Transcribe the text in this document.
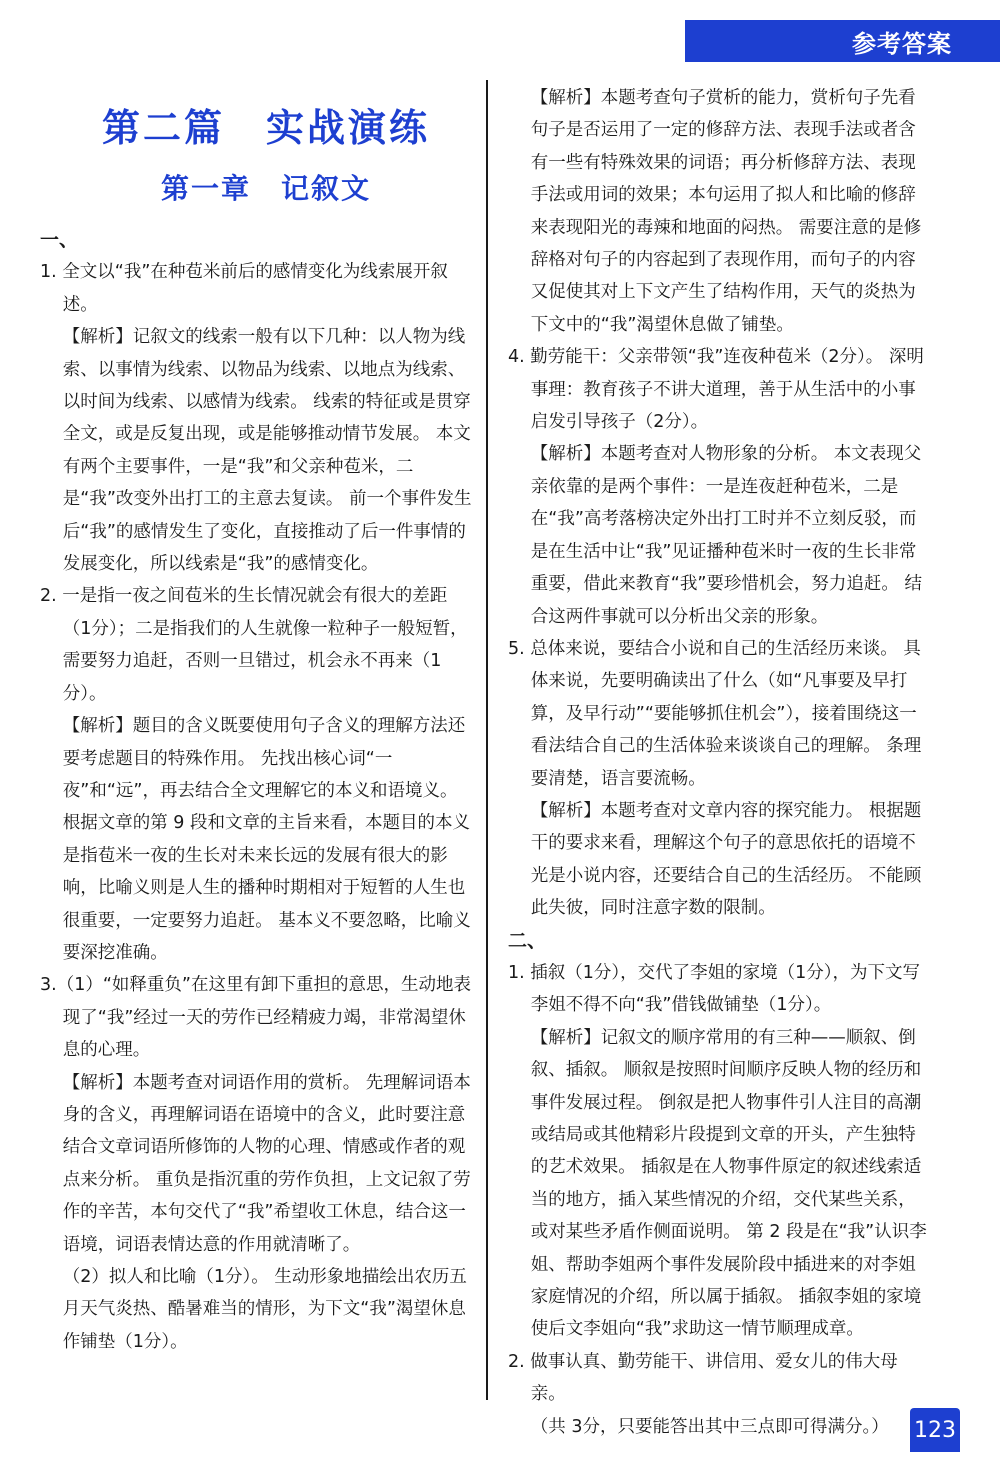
参考答案
第二篇　实战演练
第一章　记叙文
一、
1. 全文以“我”在种苞米前后的感情变化为线索展开叙述。
【解析】记叙文的线索一般有以下几种：以人物为线索、以事情为线索、以物品为线索、以地点为线索、以时间为线索、以感情为线索。 线索的特征或是贯穿全文，或是反复出现，或是能够推动情节发展。 本文有两个主要事件，一是“我”和父亲种苞米，二是“我”改变外出打工的主意去复读。 前一个事件发生后“我”的感情发生了变化，直接推动了后一件事情的发展变化，所以线索是“我”的感情变化。
2. 一是指一夜之间苞米的生长情况就会有很大的差距（1分）；二是指我们的人生就像一粒种子一般短暂，需要努力追赶，否则一旦错过，机会永不再来（1分）。
【解析】题目的含义既要使用句子含义的理解方法还要考虑题目的特殊作用。 先找出核心词“一夜”和“远”，再去结合全文理解它的本义和语境义。 根据文章的第 9 段和文章的主旨来看，本题目的本义是指苞米一夜的生长对未来长远的发展有很大的影响，比喻义则是人生的播种时期相对于短暂的人生也很重要，一定要努力追赶。 基本义不要忽略，比喻义要深挖准确。
3.（1）“如释重负”在这里有卸下重担的意思，生动地表现了“我”经过一天的劳作已经精疲力竭，非常渴望休息的心理。
【解析】本题考查对词语作用的赏析。 先理解词语本身的含义，再理解词语在语境中的含义，此时要注意结合文章词语所修饰的人物的心理、情感或作者的观点来分析。 重负是指沉重的劳作负担，上文记叙了劳作的辛苦，本句交代了“我”希望收工休息，结合这一语境，词语表情达意的作用就清晰了。
（2）拟人和比喻（1分）。 生动形象地描绘出农历五月天气炎热、酷暑难当的情形，为下文“我”渴望休息作铺垫（1分）。
【解析】本题考查句子赏析的能力，赏析句子先看句子是否运用了一定的修辞方法、表现手法或者含有一些有特殊效果的词语；再分析修辞方法、表现手法或用词的效果；本句运用了拟人和比喻的修辞来表现阳光的毒辣和地面的闷热。 需要注意的是修辞格对句子的内容起到了表现作用，而句子的内容又促使其对上下文产生了结构作用，天气的炎热为下文中的“我”渴望休息做了铺垫。
4. 勤劳能干：父亲带领“我”连夜种苞米（2分）。 深明事理：教育孩子不讲大道理，善于从生活中的小事启发引导孩子（2分）。
【解析】本题考查对人物形象的分析。 本文表现父亲依靠的是两个事件：一是连夜赶种苞米，二是在“我”高考落榜决定外出打工时并不立刻反驳，而是在生活中让“我”见证播种苞米时一夜的生长非常重要，借此来教育“我”要珍惜机会，努力追赶。 结合这两件事就可以分析出父亲的形象。
5. 总体来说，要结合小说和自己的生活经历来谈。 具体来说，先要明确读出了什么（如“凡事要及早打算，及早行动”“要能够抓住机会”），接着围绕这一看法结合自己的生活体验来谈谈自己的理解。 条理要清楚，语言要流畅。
【解析】本题考查对文章内容的探究能力。 根据题干的要求来看，理解这个句子的意思依托的语境不光是小说内容，还要结合自己的生活经历。 不能顾此失彼，同时注意字数的限制。
二、
1. 插叙（1分），交代了李姐的家境（1分），为下文写李姐不得不向“我”借钱做铺垫（1分）。
【解析】记叙文的顺序常用的有三种——顺叙、倒叙、插叙。 顺叙是按照时间顺序反映人物的经历和事件发展过程。 倒叙是把人物事件引人注目的高潮或结局或其他精彩片段提到文章的开头，产生独特的艺术效果。 插叙是在人物事件原定的叙述线索适当的地方，插入某些情况的介绍，交代某些关系，或对某些矛盾作侧面说明。 第 2 段是在“我”认识李姐、帮助李姐两个事件发展阶段中插进来的对李姐家庭情况的介绍，所以属于插叙。 插叙李姐的家境使后文李姐向“我”求助这一情节顺理成章。
2. 做事认真、勤劳能干、讲信用、爱女儿的伟大母亲。
（共 3分，只要能答出其中三点即可得满分。）	123
